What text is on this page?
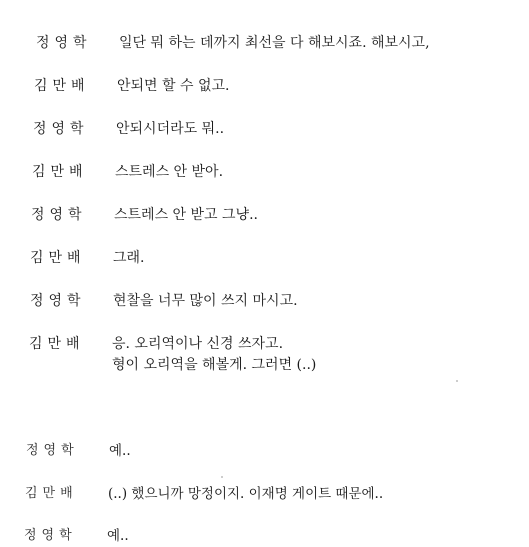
정영학 일단 뭐 하는 데까지 최선을 다 해보시죠. 해보시고,
김만배 안되면 할 수 없고.
정영학 안되시더라도 뭐..
김만배 스트레스 안 받아.
정영학 스트레스 안 받고 그냥..
김만배 그래.
정영학 현찰을 너무 많이 쓰지 마시고.
김만배 응. 오리역이나 신경 쓰자고.
형이 오리역을 해볼게. 그러면 (..)
정영학 예..
김만배 (..) 했으니까 망정이지. 이재명 게이트 때문에..
정영학 예..
